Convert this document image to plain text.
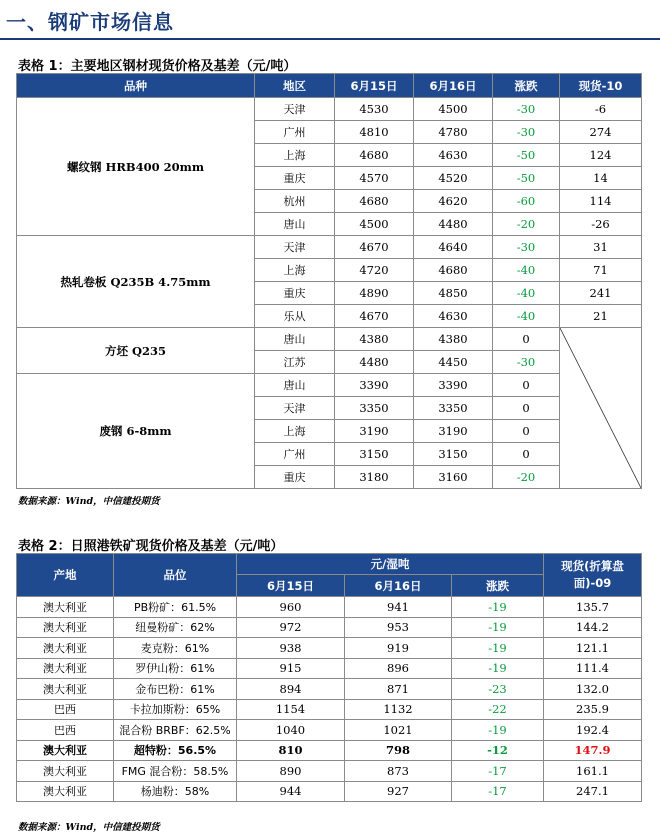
一、钢矿市场信息
表格 1：主要地区钢材现货价格及基差（元/吨）
品种	地区	6月15日	6月16日	涨跌	现货-10
螺纹钢 HRB400 20mm	天津	4530	4500	-30	-6
	广州	4810	4780	-30	274
	上海	4680	4630	-50	124
	重庆	4570	4520	-50	14
	杭州	4680	4620	-60	114
	唐山	4500	4480	-20	-26
热轧卷板 Q235B 4.75mm	天津	4670	4640	-30	31
	上海	4720	4680	-40	71
	重庆	4890	4850	-40	241
	乐从	4670	4630	-40	21
方坯 Q235	唐山	4380	4380	0	

	江苏	4480	4450	-30	
废钢 6-8mm	唐山	3390	3390	0	
	天津	3350	3350	0	
	上海	3190	3190	0	
	广州	3150	3150	0	
	重庆	3180	3160	-20	
数据来源：Wind，中信建投期货
表格 2：日照港铁矿现货价格及基差（元/吨）
产地	品位	元/湿吨			现货(折算盘面)-09
		6月15日	6月16日	涨跌	
澳大利亚	PB粉矿：61.5%	960	941	-19	135.7
澳大利亚	纽曼粉矿：62%	972	953	-19	144.2
澳大利亚	麦克粉：61%	938	919	-19	121.1
澳大利亚	罗伊山粉：61%	915	896	-19	111.4
澳大利亚	金布巴粉：61%	894	871	-23	132.0
巴西	卡拉加斯粉：65%	1154	1132	-22	235.9
巴西	混合粉 BRBF：62.5%	1040	1021	-19	192.4
澳大利亚	超特粉：56.5%	810	798	-12	147.9
澳大利亚	FMG 混合粉：58.5%	890	873	-17	161.1
澳大利亚	杨迪粉：58%	944	927	-17	247.1
数据来源：Wind，中信建投期货
